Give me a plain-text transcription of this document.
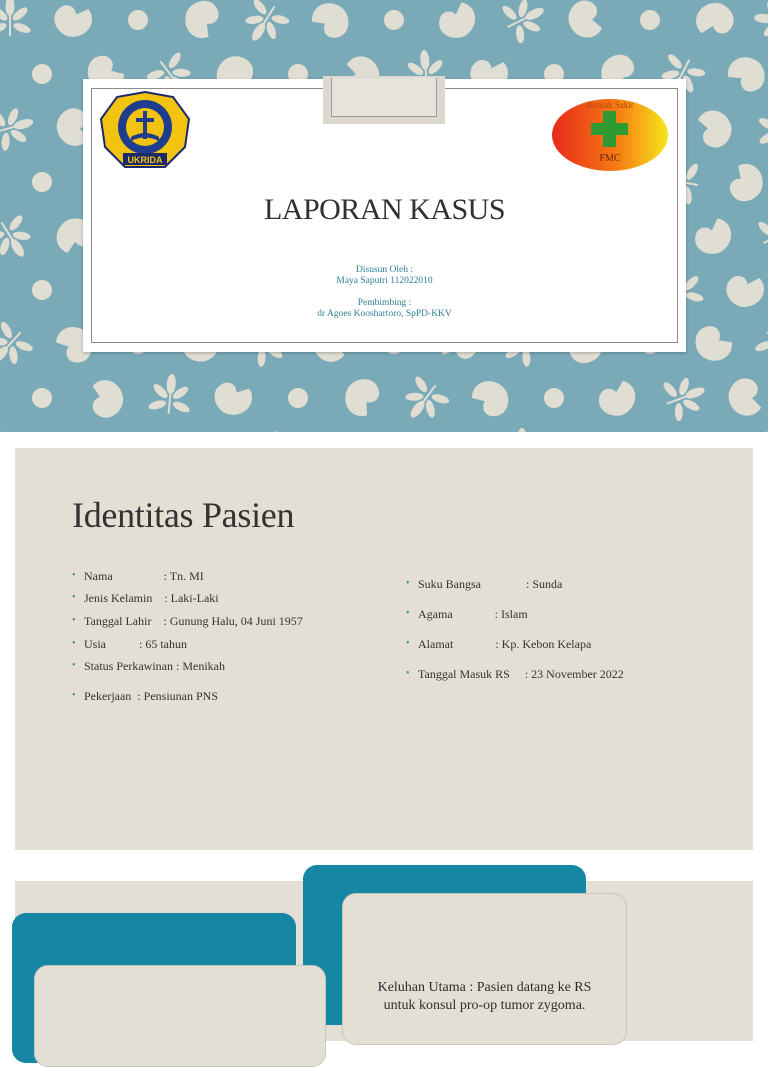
UKRIDA
Rumah Sakit
FMC
LAPORAN KASUS
Disusun Oleh :
Maya Saputri 112022010
Pembimbing :
dr Agoes Kooshartoro, SpPD-KKV
Identitas Pasien
• Nama                 : Tn. MI
• Jenis Kelamin    : Laki-Laki
• Tanggal Lahir    : Gunung Halu, 04 Juni 1957
• Usia           : 65 tahun
• Status Perkawinan : Menikah
• Pekerjaan  : Pensiunan PNS
• Suku Bangsa               : Sunda
• Agama              : Islam
• Alamat              : Kp. Kebon Kelapa
• Tanggal Masuk RS     : 23 November 2022
Keluhan Utama : Pasien datang ke RS
untuk konsul pro-op tumor zygoma.
